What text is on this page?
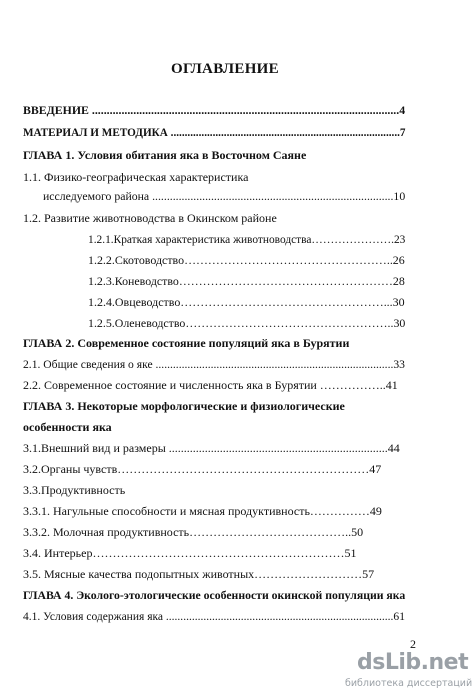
ОГЛАВЛЕНИЕ
ВВЕДЕНИЕ ........................................................................................................4
МАТЕРИАЛ И МЕТОДИКА ..................................................................................7
ГЛАВА 1. Условия обитания яка в Восточном Саяне
1.1. Физико-географическая характеристика
исследуемого района ..................................................................................10
1.2. Развитие животноводства в Окинском районе
1.2.1.Краткая характеристика животноводства………………….23
1.2.2.Скотоводство……………………………………………..26
1.2.3.Коневодство………………………………………………28
1.2.4.Овцеводство……………………………………………...30
1.2.5.Оленеводство……………………………………………..30
ГЛАВА 2. Современное состояние популяций яка в Бурятии
2.1. Общие сведения о яке ..................................................................................33
2.2. Современное состояние и численность яка в Бурятии ……………..41
ГЛАВА 3. Некоторые морфологические и физиологические
особенности яка
3.1.Внешний вид и размеры .........................................................................44
3.2.Органы чувств………………………………………………………47
3.3.Продуктивность
3.3.1. Нагульные способности и мясная продуктивность……………49
3.3.2. Молочная продуктивность…………………………………..50
3.4. Интерьер………………………………………………………51
3.5. Мясные качества подопытных животных………………………57
ГЛАВА 4. Эколого-этологические особенности окинской популяции яка
4.1. Условия содержания яка ...............................................................................61
2
dsLib.net
библиотека диссертаций
